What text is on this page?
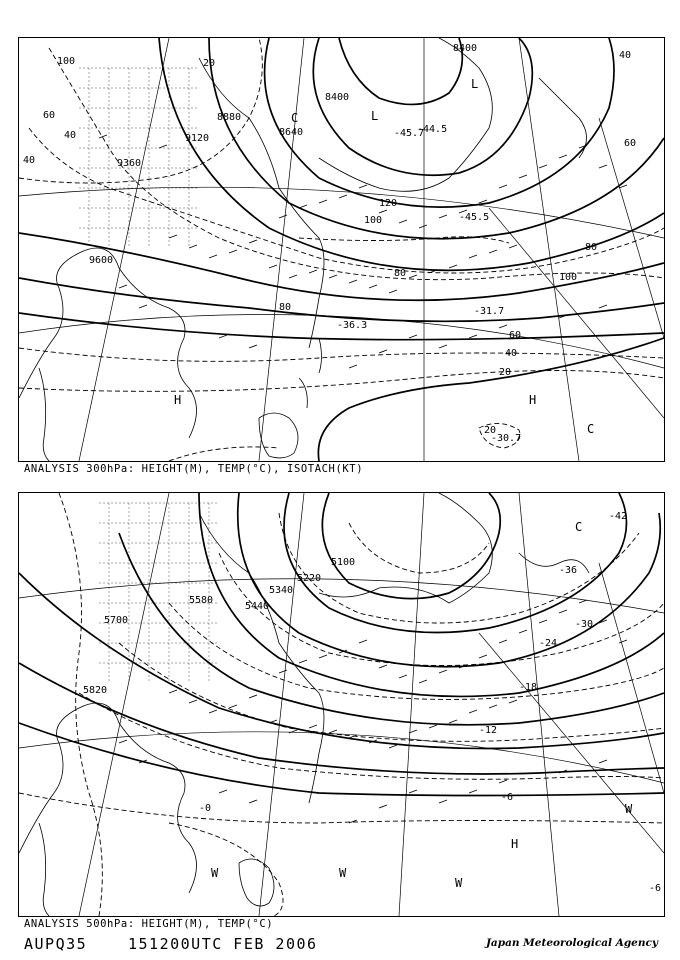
8400
8400
8640
8880
9120
9360
9600
100
60
40
40
20
120
100
80
60
40
20
40
60
80
100
20
80
-44.5
-45.7
-45.5
-31.7
-36.3
-30.7
L
C
H	H
C
L
ANALYSIS 300hPa: HEIGHT(M), TEMP(°C), ISOTACH(KT)
5700
5820
5580
5440
5340
5220
5100
-42
-36
-30
-24
-18
-12
-6
-6
-0
C
H
W	W
W
W
ANALYSIS 500hPa: HEIGHT(M), TEMP(°C)
AUPQ35	151200UTC FEB 2006	Japan Meteorological Agency
